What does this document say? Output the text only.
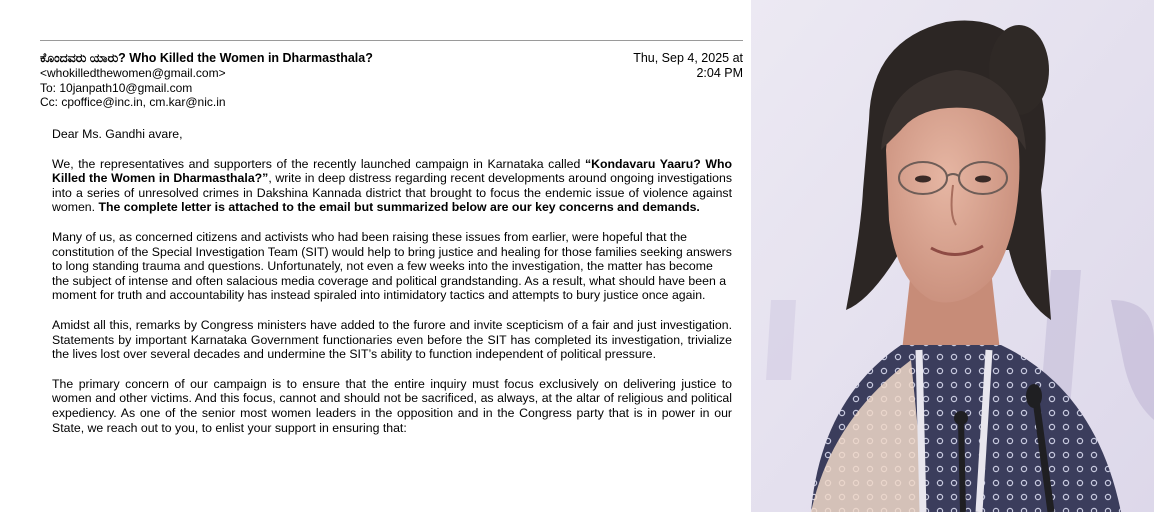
ಕೊಂದವರು ಯಾರು? Who Killed the Women in Dharmasthala?
<whokilledthewomen@gmail.com>
To: 10janpath10@gmail.com
Cc: cpoffice@inc.in, cm.kar@nic.in
Thu, Sep 4, 2025 at
2:04 PM

Dear Ms. Gandhi avare,

We, the representatives and supporters of the recently launched campaign in Karnataka called “Kondavaru Yaaru? Who Killed the Women in Dharmasthala?”, write in deep distress regarding recent developments around ongoing investigations into a series of unresolved crimes in Dakshina Kannada district that brought to focus the endemic issue of violence against women. The complete letter is attached to the email but summarized below are our key concerns and demands.

Many of us, as concerned citizens and activists who had been raising these issues from earlier, were hopeful that the constitution of the Special Investigation Team (SIT) would help to bring justice and healing for those families seeking answers to long standing trauma and questions. Unfortunately, not even a few weeks into the investigation, the matter has become the subject of intense and often salacious media coverage and political grandstanding. As a result, what should have been a moment for truth and accountability has instead spiraled into intimidatory tactics and attempts to bury justice once again.

Amidst all this, remarks by Congress ministers have added to the furore and invite scepticism of a fair and just investigation. Statements by important Karnataka Government functionaries even before the SIT has completed its investigation, trivialize the lives lost over several decades and undermine the SIT’s ability to function independent of political pressure.

The primary concern of our campaign is to ensure that the entire inquiry must focus exclusively on delivering justice to women and other victims. And this focus, cannot and should not be sacrificed, as always, at the altar of religious and political expediency. As one of the senior most women leaders in the opposition and in the Congress party that is in power in our State, we reach out to you, to enlist your support in ensuring that:
